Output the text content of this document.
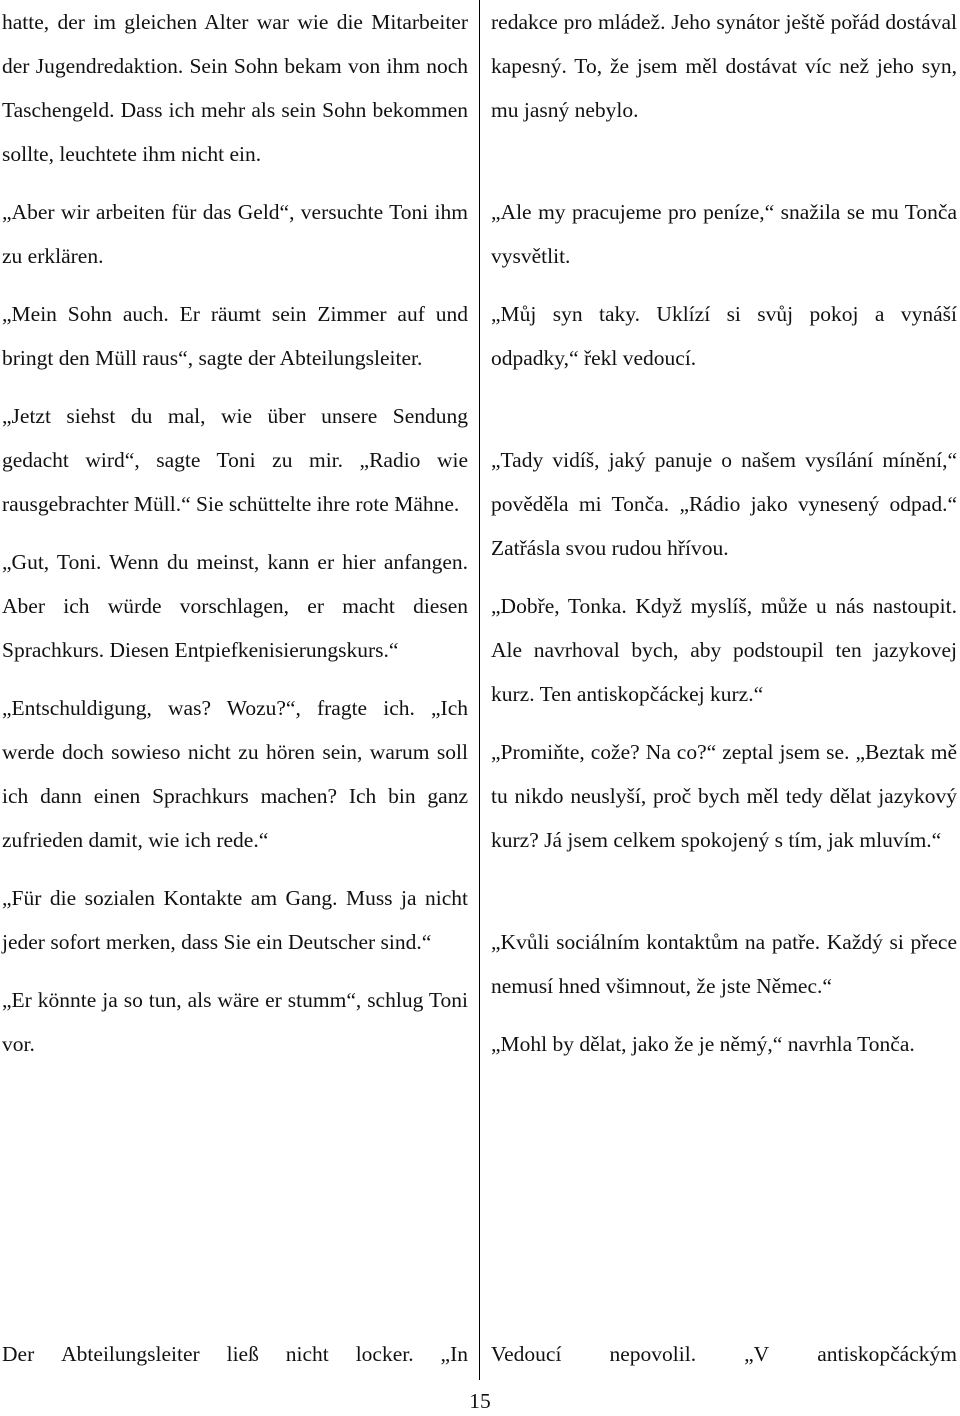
hatte, der im gleichen Alter war wie die Mitarbeiter der Jugendredaktion. Sein Sohn bekam von ihm noch Taschengeld. Dass ich mehr als sein Sohn bekommen sollte, leuchtete ihm nicht ein.

„Aber wir arbeiten für das Geld“, versuchte Toni ihm zu erklären.

„Mein Sohn auch. Er räumt sein Zimmer auf und bringt den Müll raus“, sagte der Abteilungsleiter.

„Jetzt siehst du mal, wie über unsere Sendung gedacht wird“, sagte Toni zu mir. „Radio wie rausgebrachter Müll.“ Sie schüttelte ihre rote Mähne.

„Gut, Toni. Wenn du meinst, kann er hier anfangen. Aber ich würde vorschlagen, er macht diesen Sprachkurs. Diesen Entpiefkenisierungskurs.“

„Entschuldigung, was? Wozu?“, fragte ich. „Ich werde doch sowieso nicht zu hören sein, warum soll ich dann einen Sprachkurs machen? Ich bin ganz zufrieden damit, wie ich rede.“

„Für die sozialen Kontakte am Gang. Muss ja nicht jeder sofort merken, dass Sie ein Deutscher sind.“

„Er könnte ja so tun, als wäre er stumm“, schlug Toni vor.

redakce pro mládež. Jeho synátor ještě pořád dostával kapesný. To, že jsem měl dostávat víc než jeho syn, mu jasný nebylo.

„Ale my pracujeme pro peníze,“ snažila se mu Tonča vysvětlit.

„Můj syn taky. Uklízí si svůj pokoj a vynáší odpadky,“ řekl vedoucí.

„Tady vidíš, jaký panuje o našem vysílání mínění,“ pověděla mi Tonča. „Rádio jako vynesený odpad.“ Zatřásla svou rudou hřívou.

„Dobře, Tonka. Když myslíš, může u nás nastoupit. Ale navrhoval bych, aby podstoupil ten jazykovej kurz. Ten antiskopčáckej kurz.“

„Promiňte, cože? Na co?“ zeptal jsem se. „Beztak mě tu nikdo neuslyší, proč bych měl tedy dělat jazykový kurz? Já jsem celkem spokojený s tím, jak mluvím.“

„Kvůli sociálním kontaktům na patře. Každý si přece nemusí hned všimnout, že jste Němec.“

„Mohl by dělat, jako že je němý,“ navrhla Tonča.

Der Abteilungsleiter ließ nicht locker. „In Vedoucí nepovolil. „V antiskopčáckým
15
